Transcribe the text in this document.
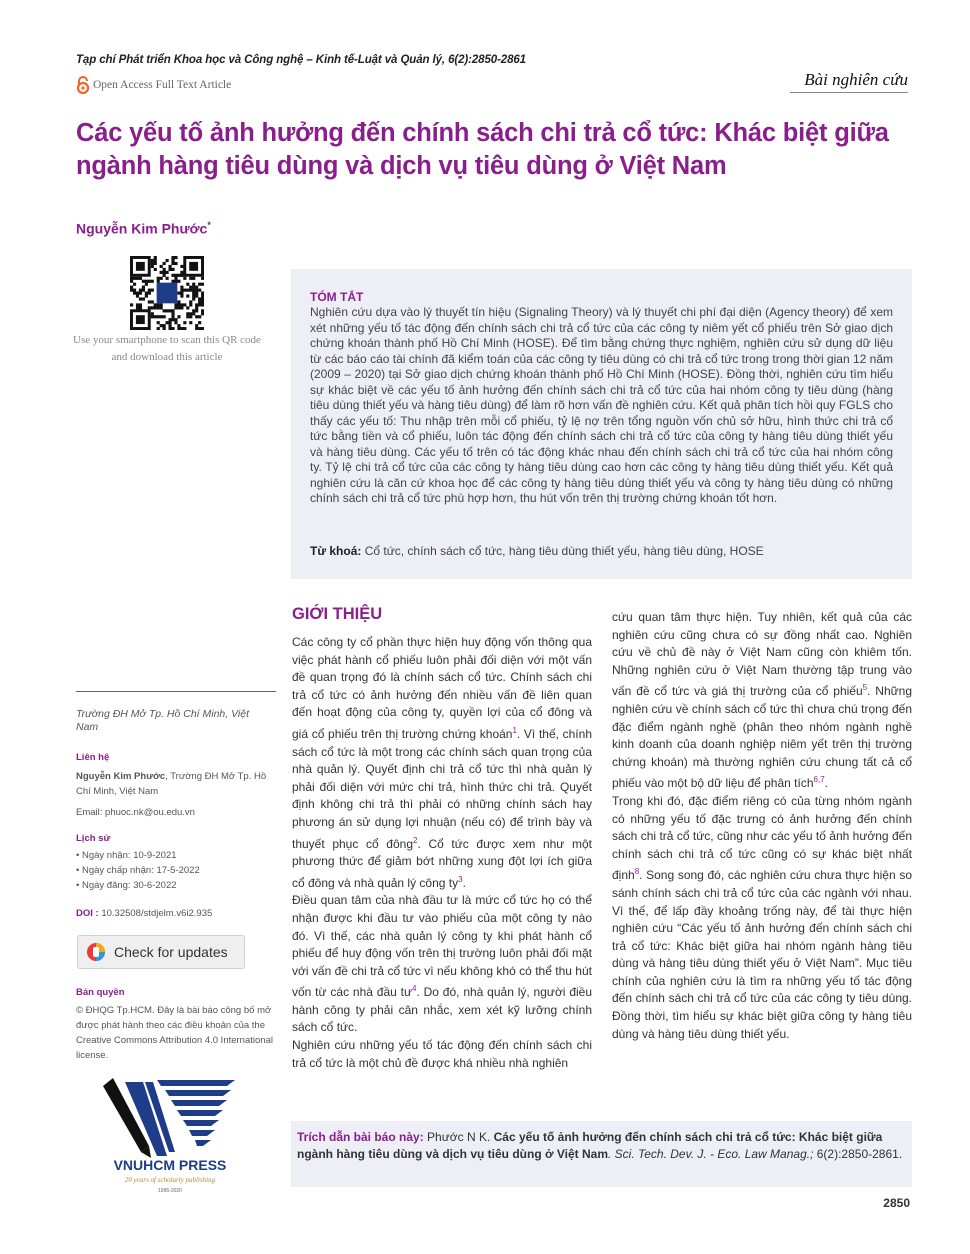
Tạp chí Phát triển Khoa học và Công nghệ – Kinh tế-Luật và Quản lý, 6(2):2850-2861
Open Access Full Text Article	Bài nghiên cứu
Các yếu tố ảnh hưởng đến chính sách chi trả cổ tức: Khác biệt giữa ngành hàng tiêu dùng và dịch vụ tiêu dùng ở Việt Nam
Nguyễn Kim Phước*
Use your smartphone to scan this QR code and download this article
TÓM TẮT
Nghiên cứu dựa vào lý thuyết tín hiệu (Signaling Theory) và lý thuyết chi phí đại diện (Agency theory) để xem xét những yếu tố tác động đến chính sách chi trả cổ tức của các công ty niêm yết cổ phiếu trên Sở giao dịch chứng khoán thành phố Hồ Chí Minh (HOSE). Để tìm bằng chứng thực nghiệm, nghiên cứu sử dụng dữ liệu từ các báo cáo tài chính đã kiểm toán của các công ty tiêu dùng có chi trả cổ tức trong trong thời gian 12 năm (2009 – 2020) tại Sở giao dịch chứng khoán thành phố Hồ Chí Minh (HOSE). Đồng thời, nghiên cứu tìm hiểu sự khác biệt về các yếu tố ảnh hưởng đến chính sách chi trả cổ tức của hai nhóm công ty tiêu dùng (hàng tiêu dùng thiết yếu và hàng tiêu dùng) để làm rõ hơn vấn đề nghiên cứu. Kết quả phân tích hồi quy FGLS cho thấy các yếu tố: Thu nhập trên mỗi cổ phiếu, tỷ lệ nợ trên tổng nguồn vốn chủ sở hữu, hình thức chi trả cổ tức bằng tiền và cổ phiếu, luôn tác động đến chính sách chi trả cổ tức của công ty hàng tiêu dùng thiết yếu và hàng tiêu dùng. Các yếu tố trên có tác động khác nhau đến chính sách chi trả cổ tức của hai nhóm công ty. Tỷ lệ chi trả cổ tức của các công ty hàng tiêu dùng cao hơn các công ty hàng tiêu dùng thiết yếu. Kết quả nghiên cứu là căn cứ khoa học để các công ty hàng tiêu dùng thiết yếu và công ty hàng tiêu dùng có những chính sách chi trả cổ tức phù hợp hơn, thu hút vốn trên thị trường chứng khoán tốt hơn.
Từ khoá: Cổ tức, chính sách cổ tức, hàng tiêu dùng thiết yếu, hàng tiêu dùng, HOSE
Trường ĐH Mở Tp. Hồ Chí Minh, Việt Nam
Liên hệ
Nguyễn Kim Phước, Trường ĐH Mở Tp. Hồ Chí Minh, Việt Nam
Email: phuoc.nk@ou.edu.vn
Lịch sử
• Ngày nhận: 10-9-2021
• Ngày chấp nhận: 17-5-2022
• Ngày đăng: 30-6-2022
DOI : 10.32508/stdjelm.v6i2.935
Check for updates
Bản quyền
© ĐHQG Tp.HCM. Đây là bài báo công bố mở được phát hành theo các điều khoản của the Creative Commons Attribution 4.0 International license.
VNUHCM PRESS
20 years of scholarly publishing
1995-2020
GIỚI THIỆU

Các công ty cổ phần thực hiện huy động vốn thông qua việc phát hành cổ phiếu luôn phải đối diện với một vấn đề quan trọng đó là chính sách cổ tức. Chính sách chi trả cổ tức có ảnh hưởng đến nhiều vấn đề liên quan đến hoạt động của công ty, quyền lợi của cổ đông và giá cổ phiếu trên thị trường chứng khoán$^1$. Vì thế, chính sách cổ tức là một trong các chính sách quan trọng của nhà quản lý. Quyết định chi trả cổ tức thì nhà quản lý phải đối diện với mức chi trả, hình thức chi trả. Quyết định không chi trả thì phải có những chính sách hay phương án sử dụng lợi nhuận (nếu có) để trình bày và thuyết phục cổ đông$^2$. Cổ tức được xem như một phương thức để giảm bớt những xung đột lợi ích giữa cổ đông và nhà quản lý công $ty^3$.

Điều quan tâm của nhà đầu tư là mức cổ tức họ có thể nhận được khi đầu tư vào phiếu của một công ty nào đó. Vì thế, các nhà quản lý công ty khi phát hành cổ phiếu để huy động vốn trên thị trường luôn phải đối mặt với vấn đề chi trả cổ tức vì nếu không khó có thể thu hút vốn từ các nhà đầu $tư^4$. Do đó, nhà quản lý, người điều hành công ty phải cân nhắc, xem xét kỹ lưỡng chính sách cổ tức.

Nghiên cứu những yếu tố tác động đến chính sách chi trả cổ tức là một chủ đề được khá nhiều nhà nghiên

cứu quan tâm thực hiện. Tuy nhiên, kết quả của các nghiên cứu cũng chưa có sự đồng nhất cao. Nghiên cứu về chủ đề này ở Việt Nam cũng còn khiêm tốn. Những nghiên cứu ở Việt Nam thường tập trung vào vấn đề cổ tức và giá thị trường của cổ phiếu$^5$. Những nghiên cứu về chính sách cổ tức thì chưa chú trọng đến đặc điểm ngành nghề (phân theo nhóm ngành nghề kinh doanh của doanh nghiệp niêm yết trên thị trường chứng khoán) mà thường nghiên cứu chung tất cả cổ phiếu vào một bộ dữ liệu để phân tích$^{6,7}$.

Trong khi đó, đặc điểm riêng có của từng nhóm ngành có những yếu tố đặc trưng có ảnh hưởng đến chính sách chi trả cổ tức, cũng như các yếu tố ảnh hưởng đến chính sách chi trả cổ tức cũng có sự khác biệt nhất định$^8$. Song song đó, các nghiên cứu chưa thực hiện so sánh chính sách chi trả cổ tức của các ngành với nhau. Vì thế, để lấp đầy khoảng trống này, để tài thực hiện nghiên cứu “Các yếu tố ảnh hưởng đến chính sách chi trả cổ tức: Khác biệt giữa hai nhóm ngành hàng tiêu dùng và hàng tiêu dùng thiết yếu ở Việt Nam”. Mục tiêu chính của nghiên cứu là tìm ra những yếu tố tác động đến chính sách chi trả cổ tức của các công ty tiêu dùng. Đồng thời, tìm hiểu sự khác biệt giữa công ty hàng tiêu dùng và hàng tiêu dùng thiết yếu.

Trích dẫn bài báo này: Phước N K. Các yếu tố ảnh hưởng đến chính sách chi trả cổ tức: Khác biệt giữa ngành hàng tiêu dùng và dịch vụ tiêu dùng ở Việt Nam. Sci. Tech. Dev. J. - Eco. Law Manag.; 6(2):2850-2861.
2850
